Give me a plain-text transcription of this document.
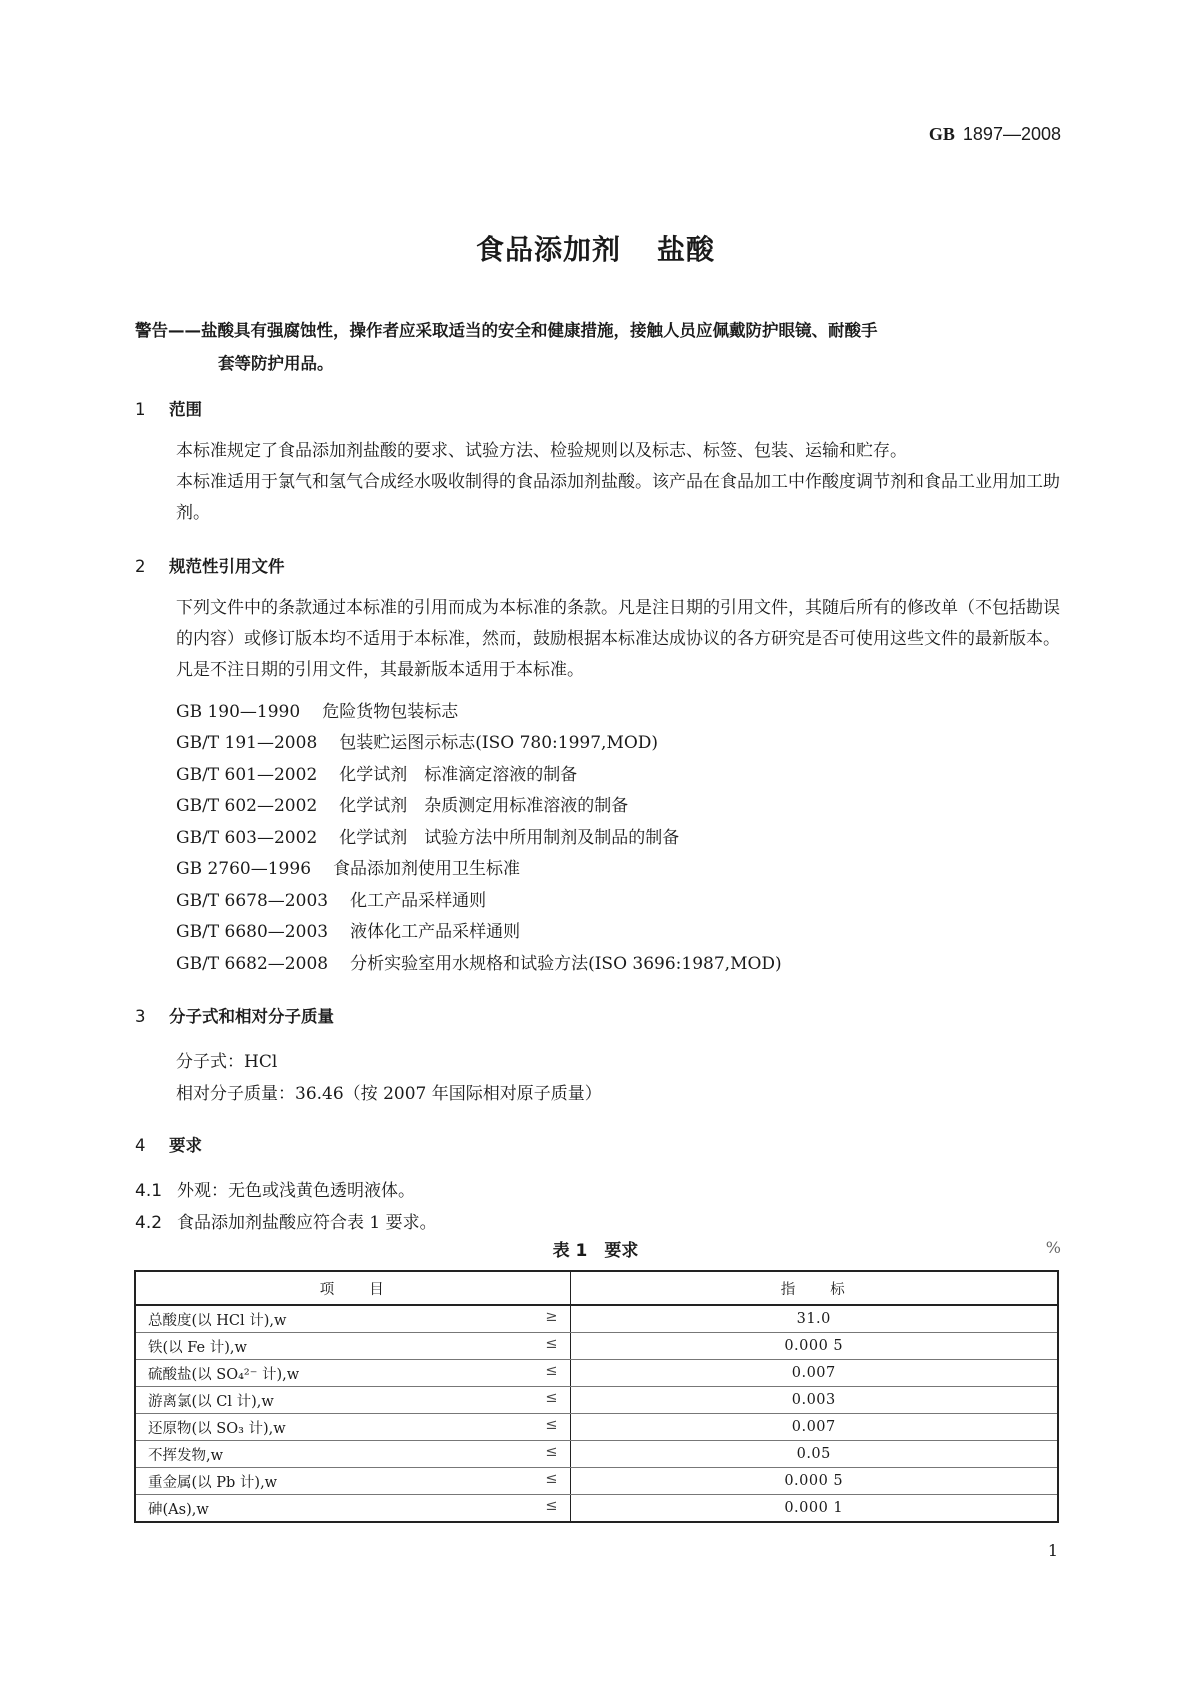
GB 1897—2008
食品添加剂 盐酸
警告——盐酸具有强腐蚀性，操作者应采取适当的安全和健康措施，接触人员应佩戴防护眼镜、耐酸手
套等防护用品。
1 范围
本标准规定了食品添加剂盐酸的要求、试验方法、检验规则以及标志、标签、包装、运输和贮存。
本标准适用于氯气和氢气合成经水吸收制得的食品添加剂盐酸。该产品在食品加工中作酸度调节剂和食品工业用加工助剂。
2 规范性引用文件
下列文件中的条款通过本标准的引用而成为本标准的条款。凡是注日期的引用文件，其随后所有的修改单（不包括勘误的内容）或修订版本均不适用于本标准，然而，鼓励根据本标准达成协议的各方研究是否可使用这些文件的最新版本。凡是不注日期的引用文件，其最新版本适用于本标准。
GB 190—1990 危险货物包装标志
GB/T 191—2008 包装贮运图示标志(ISO 780:1997,MOD)
GB/T 601—2002 化学试剂　标准滴定溶液的制备
GB/T 602—2002 化学试剂　杂质测定用标准溶液的制备
GB/T 603—2002 化学试剂　试验方法中所用制剂及制品的制备
GB 2760—1996 食品添加剂使用卫生标准
GB/T 6678—2003 化工产品采样通则
GB/T 6680—2003 液体化工产品采样通则
GB/T 6682—2008 分析实验室用水规格和试验方法(ISO 3696:1987,MOD)
3 分子式和相对分子质量
分子式：HCl
相对分子质量：36.46（按 2007 年国际相对原子质量）
4 要求
4.1 外观：无色或浅黄色透明液体。
4.2 食品添加剂盐酸应符合表 1 要求。
表 1　要求	%
项　　目	指　　标
总酸度(以 HCl 计),w ≥	31.0
铁(以 Fe 计),w ≤	0.000 5
硫酸盐(以 SO₄²⁻ 计),w ≤	0.007
游离氯(以 Cl 计),w ≤	0.003
还原物(以 SO₃ 计),w ≤	0.007
不挥发物,w ≤	0.05
重金属(以 Pb 计),w ≤	0.000 5
砷(As),w ≤	0.000 1
1
